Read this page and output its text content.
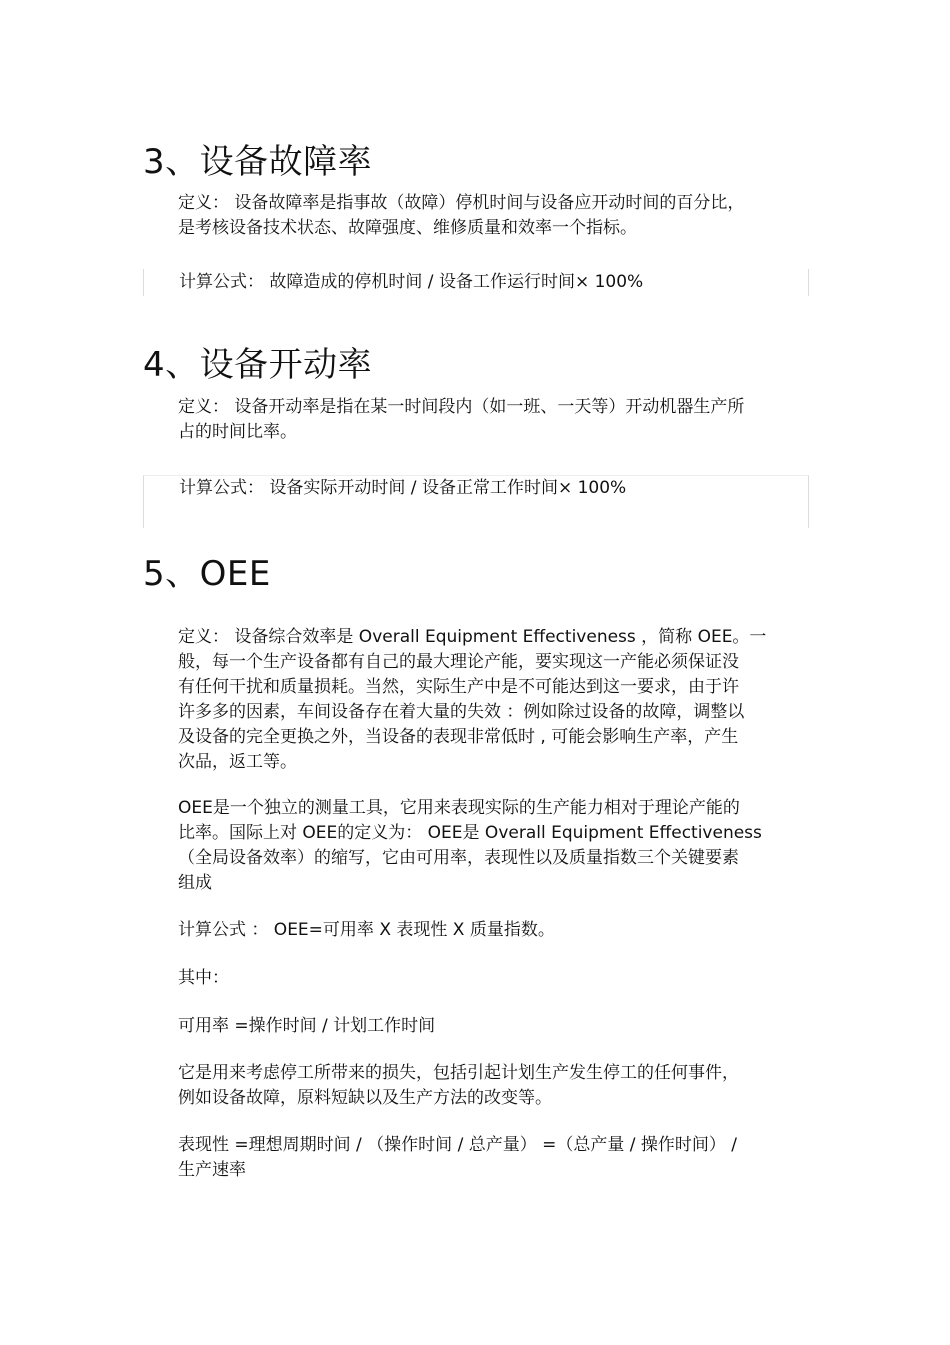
3、设备故障率

定义： 设备故障率是指事故（故障）停机时间与设备应开动时间的百分比，
是考核设备技术状态、故障强度、维修质量和效率一个指标。

计算公式： 故障造成的停机时间 / 设备工作运行时间× 100%
4、设备开动率

定义： 设备开动率是指在某一时间段内（如一班、一天等）开动机器生产所
占的时间比率。

计算公式： 设备实际开动时间 / 设备正常工作时间× 100%
5、OEE

定义： 设备综合效率是 Overall Equipment Effectiveness ，简称 OEE。一
般，每一个生产设备都有自己的最大理论产能，要实现这一产能必须保证没
有任何干扰和质量损耗。当然，实际生产中是不可能达到这一要求，由于许
许多多的因素，车间设备存在着大量的失效 ：例如除过设备的故障，调整以
及设备的完全更换之外，当设备的表现非常低时 , 可能会影响生产率，产生
次品，返工等。

OEE是一个独立的测量工具，它用来表现实际的生产能力相对于理论产能的
比率。国际上对 OEE的定义为： OEE是 Overall Equipment Effectiveness
（全局设备效率）的缩写，它由可用率，表现性以及质量指数三个关键要素
组成

计算公式 ： OEE=可用率 X 表现性 X 质量指数。

其中：

可用率 =操作时间 / 计划工作时间

它是用来考虑停工所带来的损失，包括引起计划生产发生停工的任何事件，
例如设备故障，原料短缺以及生产方法的改变等。

表现性 =理想周期时间 / （操作时间 / 总产量） =（总产量 / 操作时间） /
生产速率
